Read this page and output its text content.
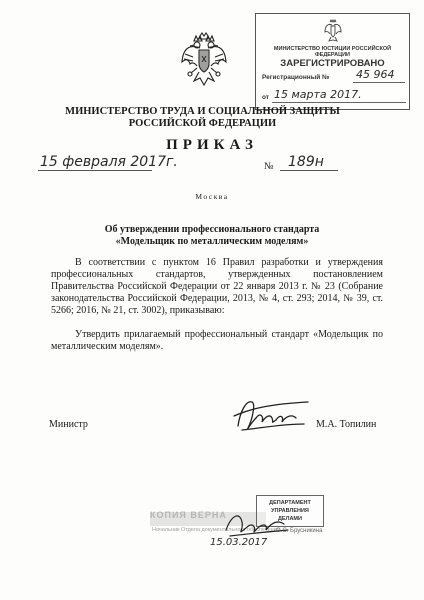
МИНИСТЕРСТВО ЮСТИЦИИ РОССИЙСКОЙ ФЕДЕРАЦИИ
ЗАРЕГИСТРИРОВАНО
Регистрационный № 45 964
от 15 марта 2017.
МИНИСТЕРСТВО ТРУДА И СОЦИАЛЬНОЙ ЗАЩИТЫ
РОССИЙСКОЙ ФЕДЕРАЦИИ
ПРИКАЗ
15 февраля 2017г.	№ 189н
Москва
Об утверждении профессионального стандарта
«Модельщик по металлическим моделям»
В соответствии с пунктом 16 Правил разработки и утверждения профессиональных стандартов, утвержденных постановлением Правительства Российской Федерации от 22 января 2013 г. № 23 (Собрание законодательства Российской Федерации, 2013, № 4, ст. 293; 2014, № 39, ст. 5266; 2016, № 21, ст. 3002), приказываю:
Утвердить прилагаемый профессиональный стандарт «Модельщик по металлическим моделям».
Министр	М.А. Топилин
КОПИЯ ВЕРНА
Начальник Отдела документального обеспечения
ДЕПАРТАМЕНТ
УПРАВЛЕНИЯ
ДЕЛАМИ
О.С. Брусникина
15.03.2017
